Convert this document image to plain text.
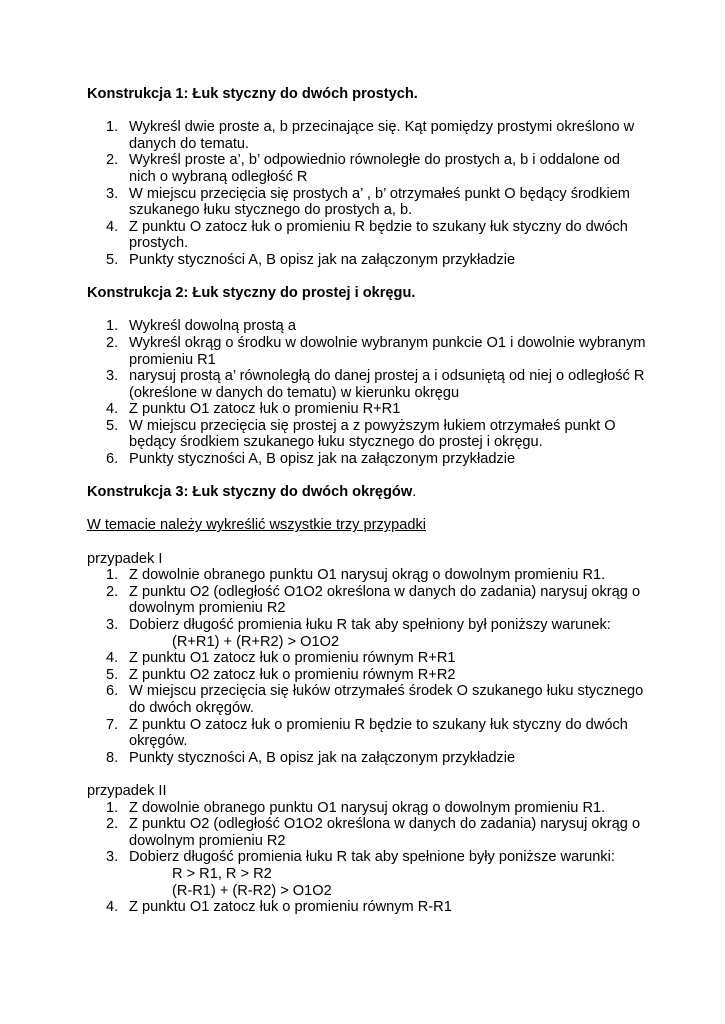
Konstrukcja 1: Łuk styczny do dwóch prostych.

1. Wykreśl dwie proste a, b przecinające się. Kąt pomiędzy prostymi określono w danych do tematu.
2. Wykreśl proste a’, b’ odpowiednio równoległe do prostych a, b i oddalone od nich o wybraną odległość R
3. W miejscu przecięcia się prostych a’ , b’ otrzymałeś punkt O będący środkiem szukanego łuku stycznego do prostych a, b.
4. Z punktu O zatocz łuk o promieniu R będzie to szukany łuk styczny do dwóch prostych.
5. Punkty styczności A, B opisz jak na załączonym przykładzie

Konstrukcja 2: Łuk styczny do prostej i okręgu.

1. Wykreśl dowolną prostą a
2. Wykreśl okrąg o środku w dowolnie wybranym punkcie O1 i dowolnie wybranym promieniu R1
3. narysuj prostą a’ równoległą do danej prostej a i odsuniętą od niej o odległość R (określone w danych do tematu) w kierunku okręgu
4. Z punktu O1 zatocz łuk o promieniu R+R1
5. W miejscu przecięcia się prostej a z powyższym łukiem otrzymałeś punkt O będący środkiem szukanego łuku stycznego do prostej i okręgu.
6. Punkty styczności A, B opisz jak na załączonym przykładzie

Konstrukcja 3: Łuk styczny do dwóch okręgów.

W temacie należy wykreślić wszystkie trzy przypadki

przypadek I

1. Z dowolnie obranego punktu O1 narysuj okrąg o dowolnym promieniu R1.
2. Z punktu O2 (odległość O1O2 określona w danych do zadania) narysuj okrąg o dowolnym promieniu R2
3. Dobierz długość promienia łuku R tak aby spełniony był poniższy warunek:
(R+R1) + (R+R2) > O1O2
4. Z punktu O1 zatocz łuk o promieniu równym R+R1
5. Z punktu O2 zatocz łuk o promieniu równym R+R2
6. W miejscu przecięcia się łuków otrzymałeś środek O szukanego łuku stycznego do dwóch okręgów.
7. Z punktu O zatocz łuk o promieniu R będzie to szukany łuk styczny do dwóch okręgów.
8. Punkty styczności A, B opisz jak na załączonym przykładzie

przypadek II

1. Z dowolnie obranego punktu O1 narysuj okrąg o dowolnym promieniu R1.
2. Z punktu O2 (odległość O1O2 określona w danych do zadania) narysuj okrąg o dowolnym promieniu R2
3. Dobierz długość promienia łuku R tak aby spełnione były poniższe warunki:
R > R1, R > R2
(R-R1) + (R-R2) > O1O2
4. Z punktu O1 zatocz łuk o promieniu równym R-R1
